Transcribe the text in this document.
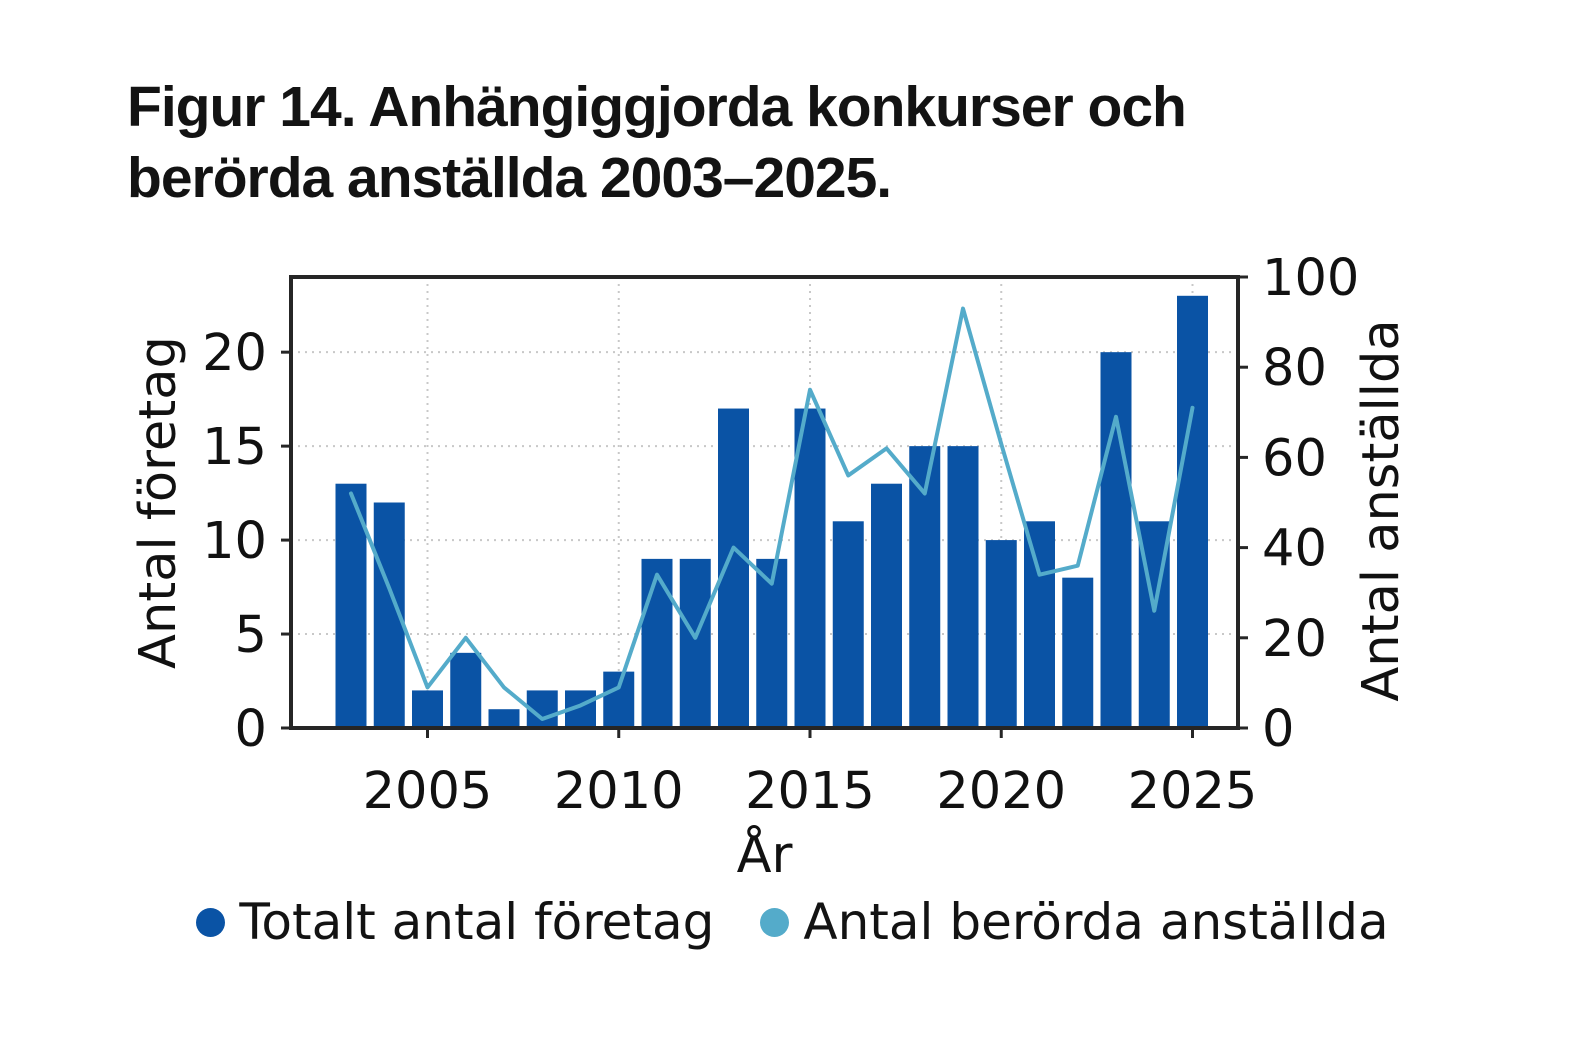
Figur 14. Anhängiggjorda konkurser och
berörda anställda 2003–2025.
0
5
10
15
20
0
20
40
60
80
100
2005 2010 2015 2020 2025
Antal företag	Antal anställda
År
Totalt antal företag Antal berörda anställda
